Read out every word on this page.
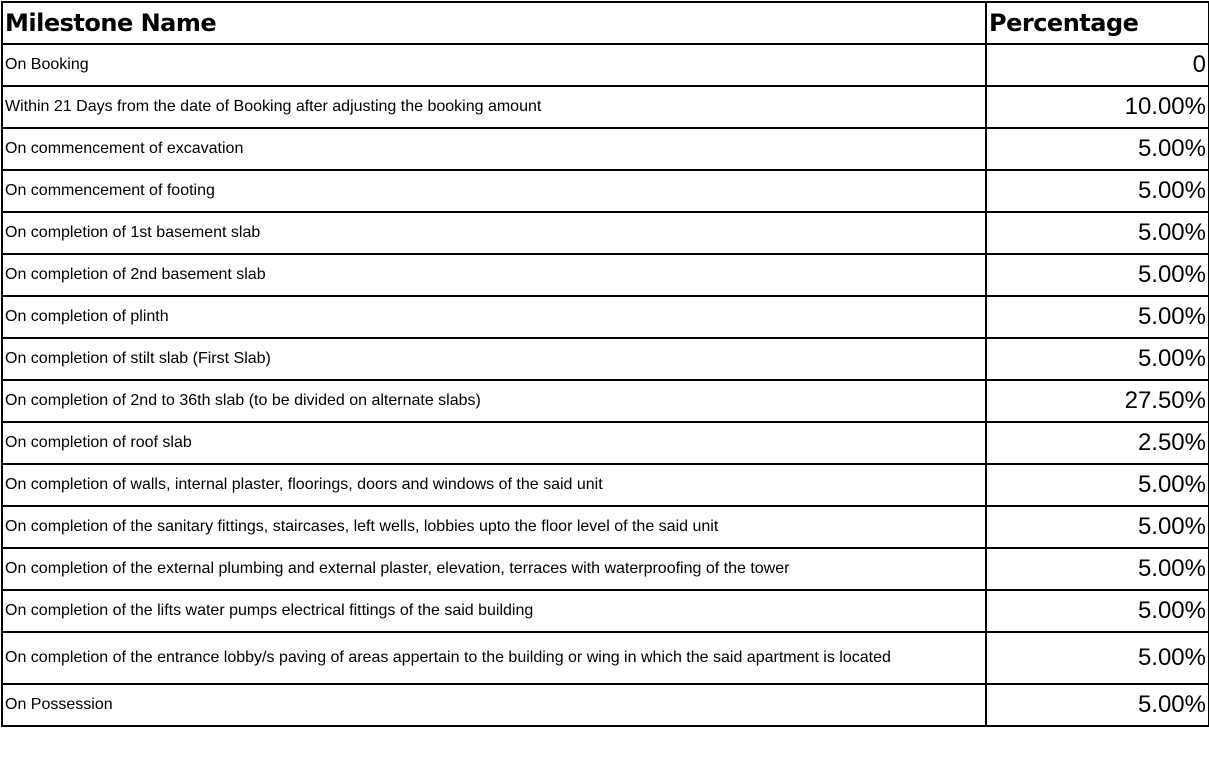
Milestone Name	Percentage
On Booking	0
Within 21 Days from the date of Booking after adjusting the booking amount	10.00%
On commencement of excavation	5.00%
On commencement of footing	5.00%
On completion of 1st basement slab	5.00%
On completion of 2nd basement slab	5.00%
On completion of plinth	5.00%
On completion of stilt slab (First Slab)	5.00%
On completion of 2nd to 36th slab (to be divided on alternate slabs)	27.50%
On completion of roof slab	2.50%
On completion of walls, internal plaster, floorings, doors and windows of the said unit	5.00%
On completion of the sanitary fittings, staircases, left wells, lobbies upto the floor level of the said unit	5.00%
On completion of the external plumbing and external plaster, elevation, terraces with waterproofing of the tower	5.00%
On completion of the lifts water pumps electrical fittings of the said building	5.00%
On completion of the entrance lobby/s paving of areas appertain to the building or wing in which the said apartment is located	5.00%
On Possession	5.00%
